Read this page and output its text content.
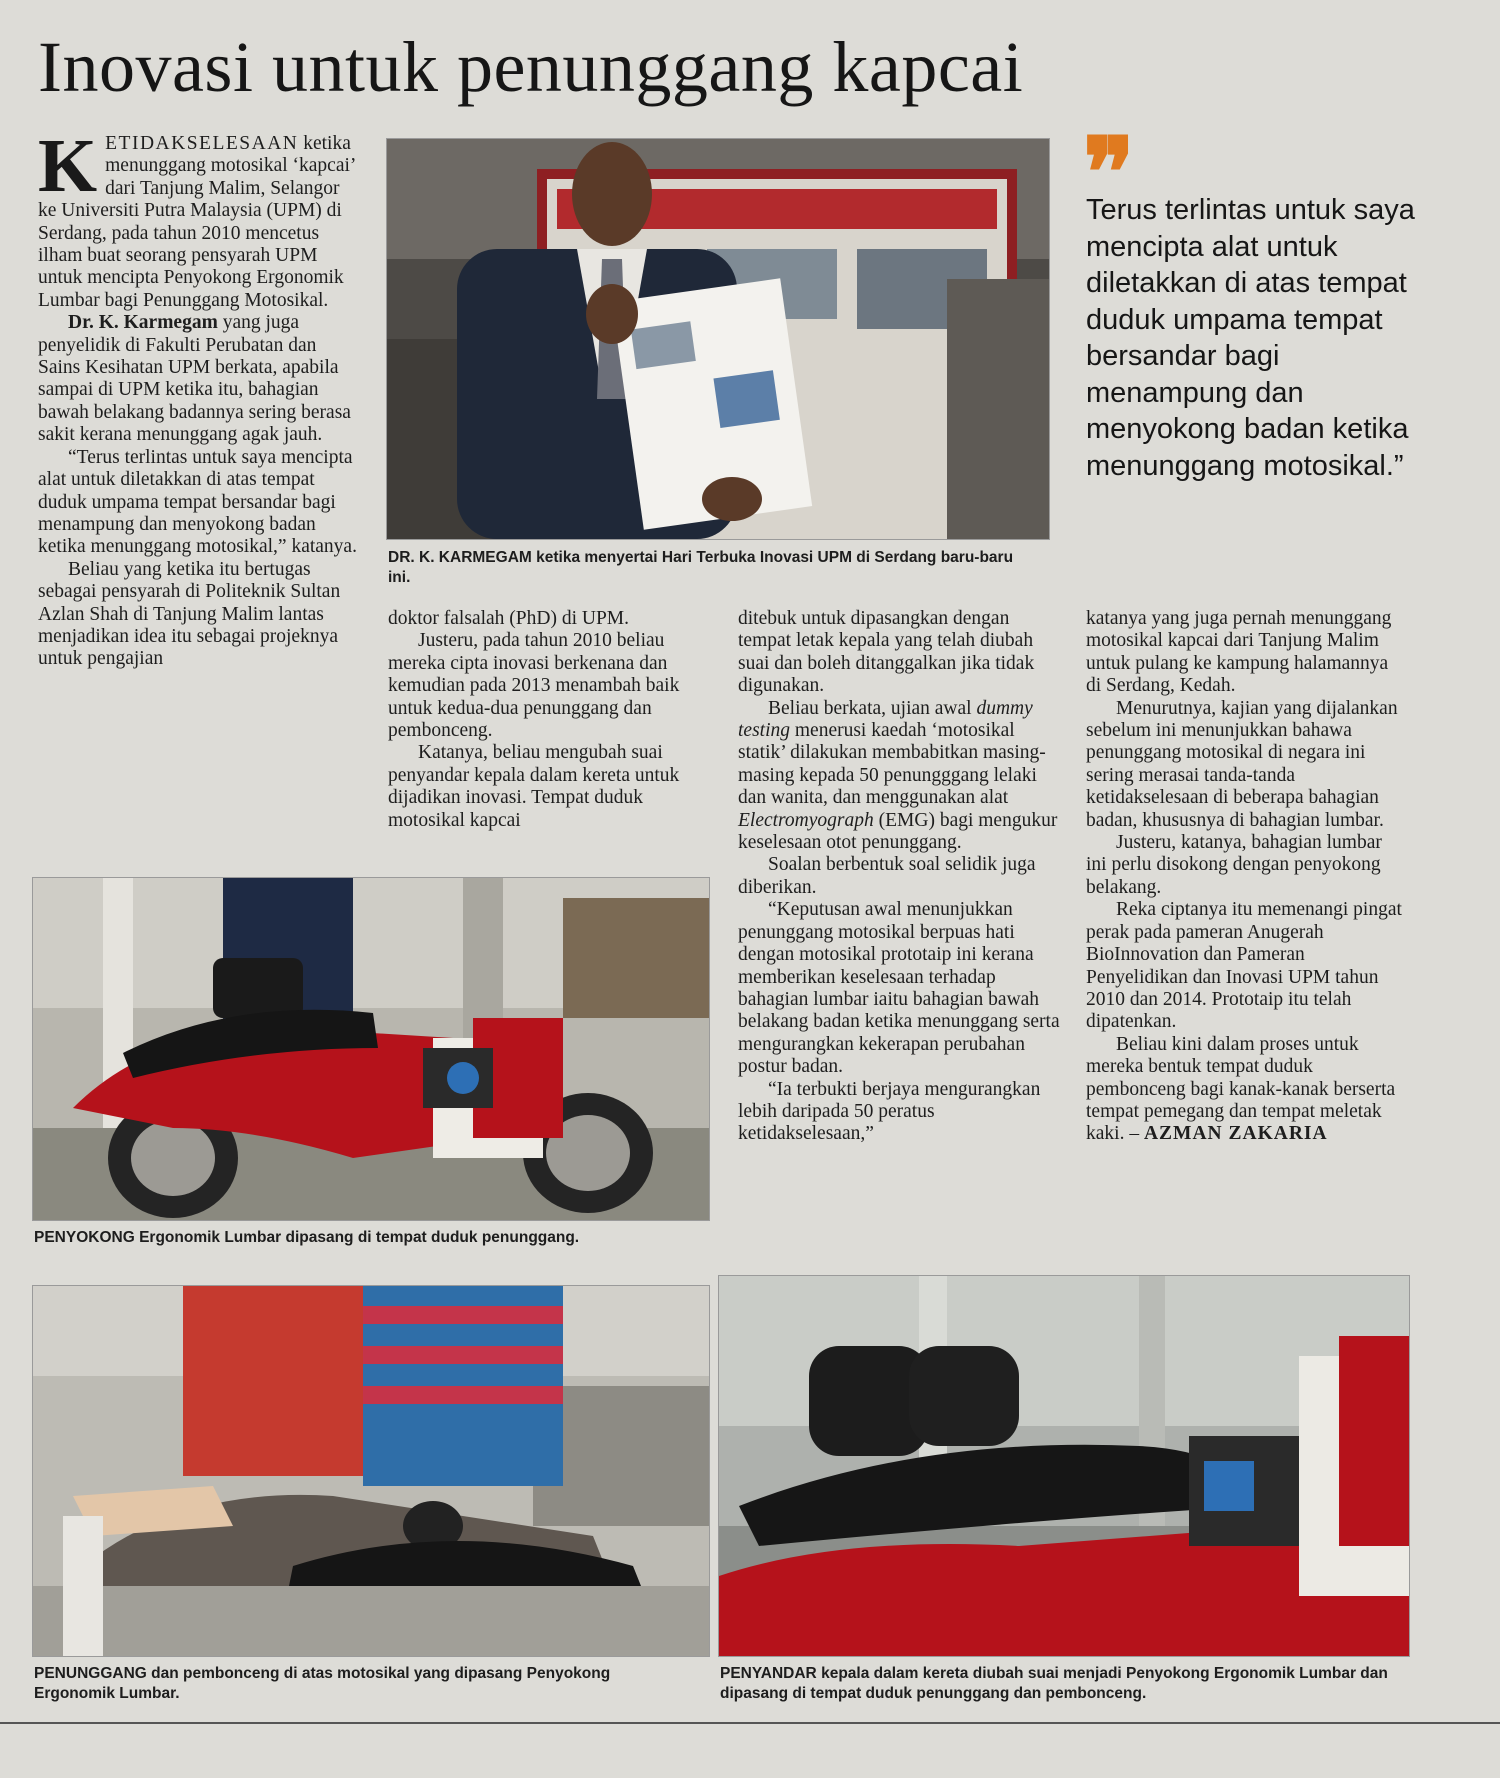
Inovasi untuk penunggang kapcai

KETIDAKSELESAAN ketika menunggang motosikal ‘kapcai’ dari Tanjung Malim, Selangor ke Universiti Putra Malaysia (UPM) di Serdang, pada tahun 2010 mencetus ilham buat seorang pensyarah UPM untuk mencipta Penyokong Ergonomik Lumbar bagi Penunggang Motosikal.

Dr. K. Karmegam yang juga penyelidik di Fakulti Perubatan dan Sains Kesihatan UPM berkata, apabila sampai di UPM ketika itu, bahagian bawah belakang badannya sering berasa sakit kerana menunggang agak jauh.

“Terus terlintas untuk saya mencipta alat untuk diletakkan di atas tempat duduk umpama tempat bersandar bagi menampung dan menyokong badan ketika menunggang motosikal,” katanya.

Beliau yang ketika itu bertugas sebagai pensyarah di Politeknik Sultan Azlan Shah di Tanjung Malim lantas menjadikan idea itu sebagai projeknya untuk pengajian

doktor falsalah (PhD) di UPM.

Justeru, pada tahun 2010 beliau mereka cipta inovasi berkenana dan kemudian pada 2013 menambah baik untuk kedua-dua penunggang dan pembonceng.

Katanya, beliau mengubah suai penyandar kepala dalam kereta untuk dijadikan inovasi. Tempat duduk motosikal kapcai

ditebuk untuk dipasangkan dengan tempat letak kepala yang telah diubah suai dan boleh ditanggalkan jika tidak digunakan.

Beliau berkata, ujian awal dummy testing menerusi kaedah ‘motosikal statik’ dilakukan membabitkan masing-masing kepada 50 penungggang lelaki dan wanita, dan menggunakan alat Electromyograph (EMG) bagi mengukur keselesaan otot penunggang.

Soalan berbentuk soal selidik juga diberikan.

“Keputusan awal menunjukkan penunggang motosikal berpuas hati dengan motosikal prototaip ini kerana memberikan keselesaan terhadap bahagian lumbar iaitu bahagian bawah belakang badan ketika menunggang serta mengurangkan kekerapan perubahan postur badan.

“Ia terbukti berjaya mengurangkan lebih daripada 50 peratus ketidakselesaan,”

katanya yang juga pernah menunggang motosikal kapcai dari Tanjung Malim untuk pulang ke kampung halamannya di Serdang, Kedah.

Menurutnya, kajian yang dijalankan sebelum ini menunjukkan bahawa penunggang motosikal di negara ini sering merasai tanda-tanda ketidakselesaan di beberapa bahagian badan, khususnya di bahagian lumbar.

Justeru, katanya, bahagian lumbar ini perlu disokong dengan penyokong belakang.

Reka ciptanya itu memenangi pingat perak pada pameran Anugerah BioInnovation dan Pameran Penyelidikan dan Inovasi UPM tahun 2010 dan 2014. Prototaip itu telah dipatenkan.

Beliau kini dalam proses untuk mereka bentuk tempat duduk pembonceng bagi kanak-kanak berserta tempat pemegang dan tempat meletak kaki. – AZMAN ZAKARIA

❞
Terus terlintas untuk saya mencipta alat untuk diletakkan di atas tempat duduk umpama tempat bersandar bagi menampung dan menyokong badan ketika menunggang motosikal.”
DR. K. KARMEGAM ketika menyertai Hari Terbuka Inovasi UPM di Serdang baru-baru ini.
PENYOKONG Ergonomik Lumbar dipasang di tempat duduk penunggang.
PENUNGGANG dan pembonceng di atas motosikal yang dipasang Penyokong Ergonomik Lumbar.
PENYANDAR kepala dalam kereta diubah suai menjadi Penyokong Ergonomik Lumbar dan dipasang di tempat duduk penunggang dan pembonceng.
